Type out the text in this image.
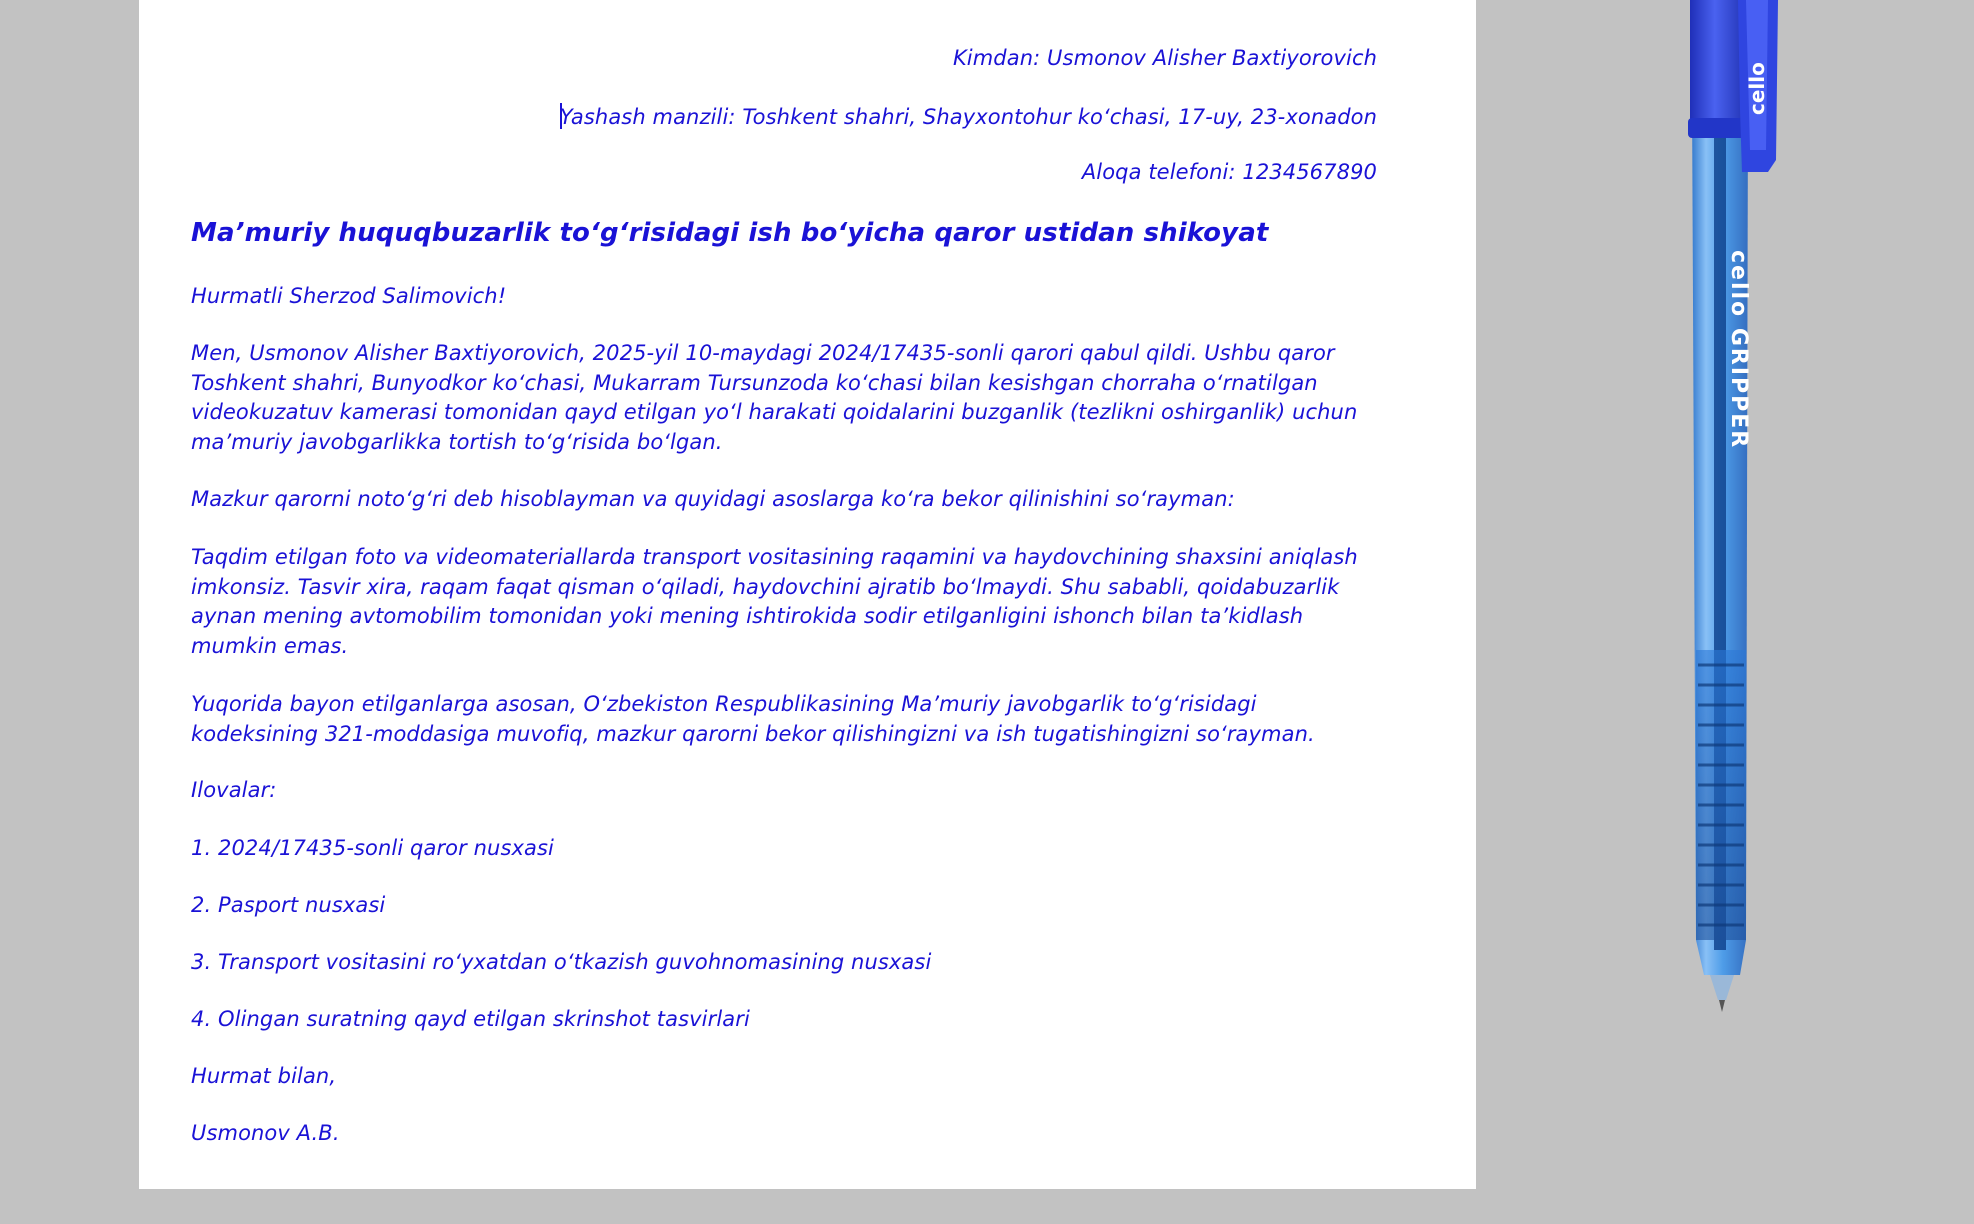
Kimdan: Usmonov Alisher Baxtiyorovich
Yashash manzili: Toshkent shahri, Shayxontohur ko‘chasi, 17-uy, 23-xonadon
Aloqa telefoni: 1234567890
Ma’muriy huquqbuzarlik to‘g‘risidagi ish bo‘yicha qaror ustidan shikoyat
Hurmatli Sherzod Salimovich!
Men, Usmonov Alisher Baxtiyorovich, 2025-yil 10-maydagi 2024/17435-sonli qarori qabul qildi. Ushbu qaror Toshkent shahri, Bunyodkor ko‘chasi, Mukarram Tursunzoda ko‘chasi bilan kesishgan chorraha o‘rnatilgan videokuzatuv kamerasi tomonidan qayd etilgan yo‘l harakati qoidalarini buzganlik (tezlikni oshirganlik) uchun ma’muriy javobgarlikka tortish to‘g‘risida bo‘lgan.
Mazkur qarorni noto‘g‘ri deb hisoblayman va quyidagi asoslarga ko‘ra bekor qilinishini so‘rayman:
Taqdim etilgan foto va videomateriallarda transport vositasining raqamini va haydovchining shaxsini aniqlash imkonsiz. Tasvir xira, raqam faqat qisman o‘qiladi, haydovchini ajratib bo‘lmaydi. Shu sababli, qoidabuzarlik aynan mening avtomobilim tomonidan yoki mening ishtirokida sodir etilganligini ishonch bilan ta’kidlash mumkin emas.
Yuqorida bayon etilganlarga asosan, O‘zbekiston Respublikasining Ma’muriy javobgarlik to‘g‘risidagi kodeksining 321-moddasiga muvofiq, mazkur qarorni bekor qilishingizni va ish tugatishingizni so‘rayman.
Ilovalar:
1. 2024/17435-sonli qaror nusxasi
2. Pasport nusxasi
3. Transport vositasini ro‘yxatdan o‘tkazish guvohnomasining nusxasi
4. Olingan suratning qayd etilgan skrinshot tasvirlari
Hurmat bilan,
Usmonov A.B.
cello GRIPPER
cello
